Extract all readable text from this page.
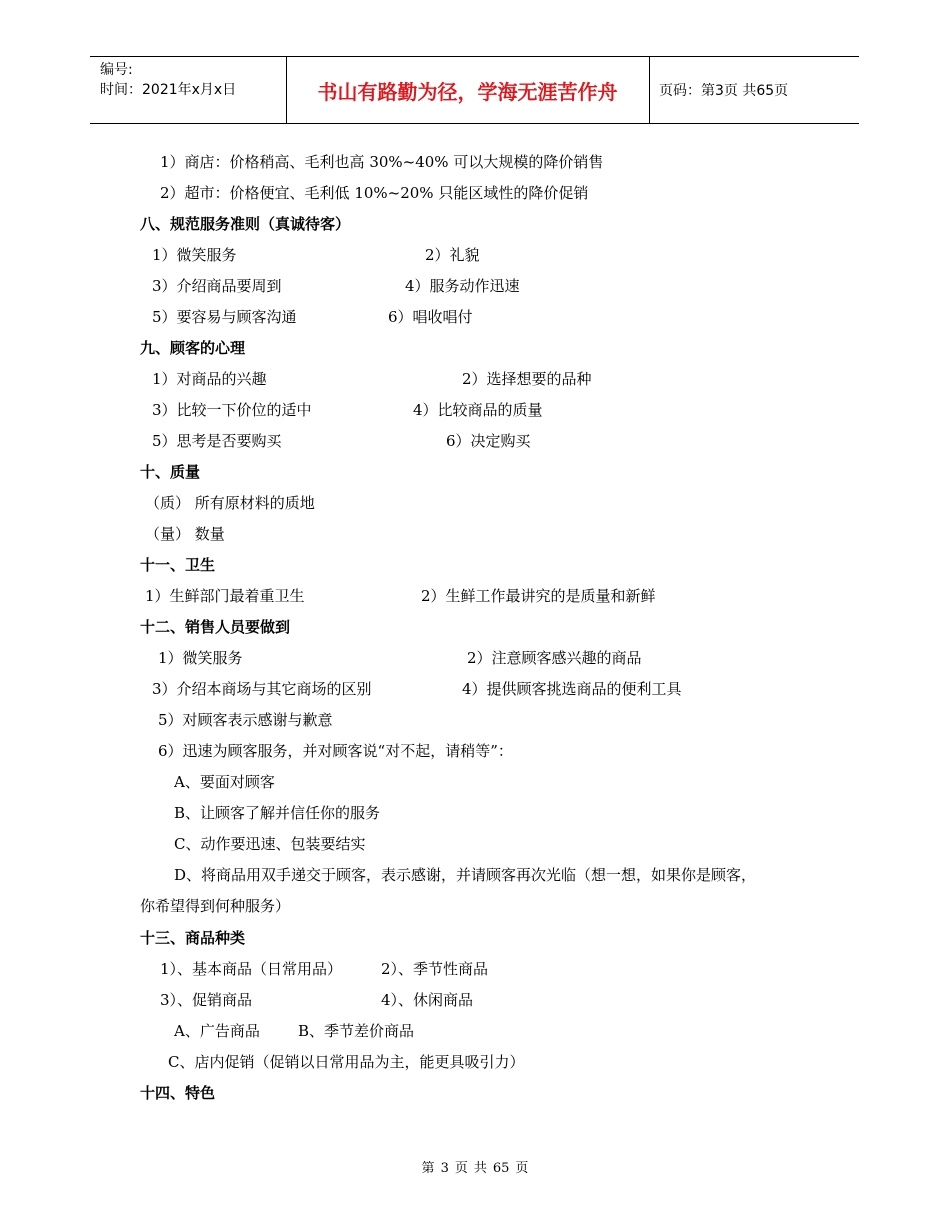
编号:
时间：2021年x月x日	书山有路勤为径，学海无涯苦作舟	页码：第3页 共65页
1）商店：价格稍高、毛利也高 30%~40% 可以大规模的降价销售
2）超市：价格便宜、毛利低 10%~20% 只能区域性的降价促销
八、规范服务准则（真诚待客）
1）微笑服务	2）礼貌
3）介绍商品要周到	4）服务动作迅速
5）要容易与顾客沟通	6）唱收唱付
九、顾客的心理
1）对商品的兴趣	2）选择想要的品种
3）比较一下价位的适中	4）比较商品的质量
5）思考是否要购买	6）决定购买
十、质量
（质） 所有原材料的质地
（量） 数量
十一、卫生
1）生鲜部门最着重卫生	2）生鲜工作最讲究的是质量和新鲜
十二、销售人员要做到
1）微笑服务	2）注意顾客感兴趣的商品
3）介绍本商场与其它商场的区别	4）提供顾客挑选商品的便利工具
5）对顾客表示感谢与歉意
6）迅速为顾客服务，并对顾客说“对不起，请稍等”：
A、要面对顾客
B、让顾客了解并信任你的服务
C、动作要迅速、包装要结实
D、将商品用双手递交于顾客，表示感谢，并请顾客再次光临（想一想，如果你是顾客，
你希望得到何种服务）
十三、商品种类
1）、基本商品（日常用品）	2）、季节性商品
3）、促销商品	4）、休闲商品
A、广告商品	B、季节差价商品
C、店内促销（促销以日常用品为主，能更具吸引力）
十四、特色
第 3 页 共 65 页
